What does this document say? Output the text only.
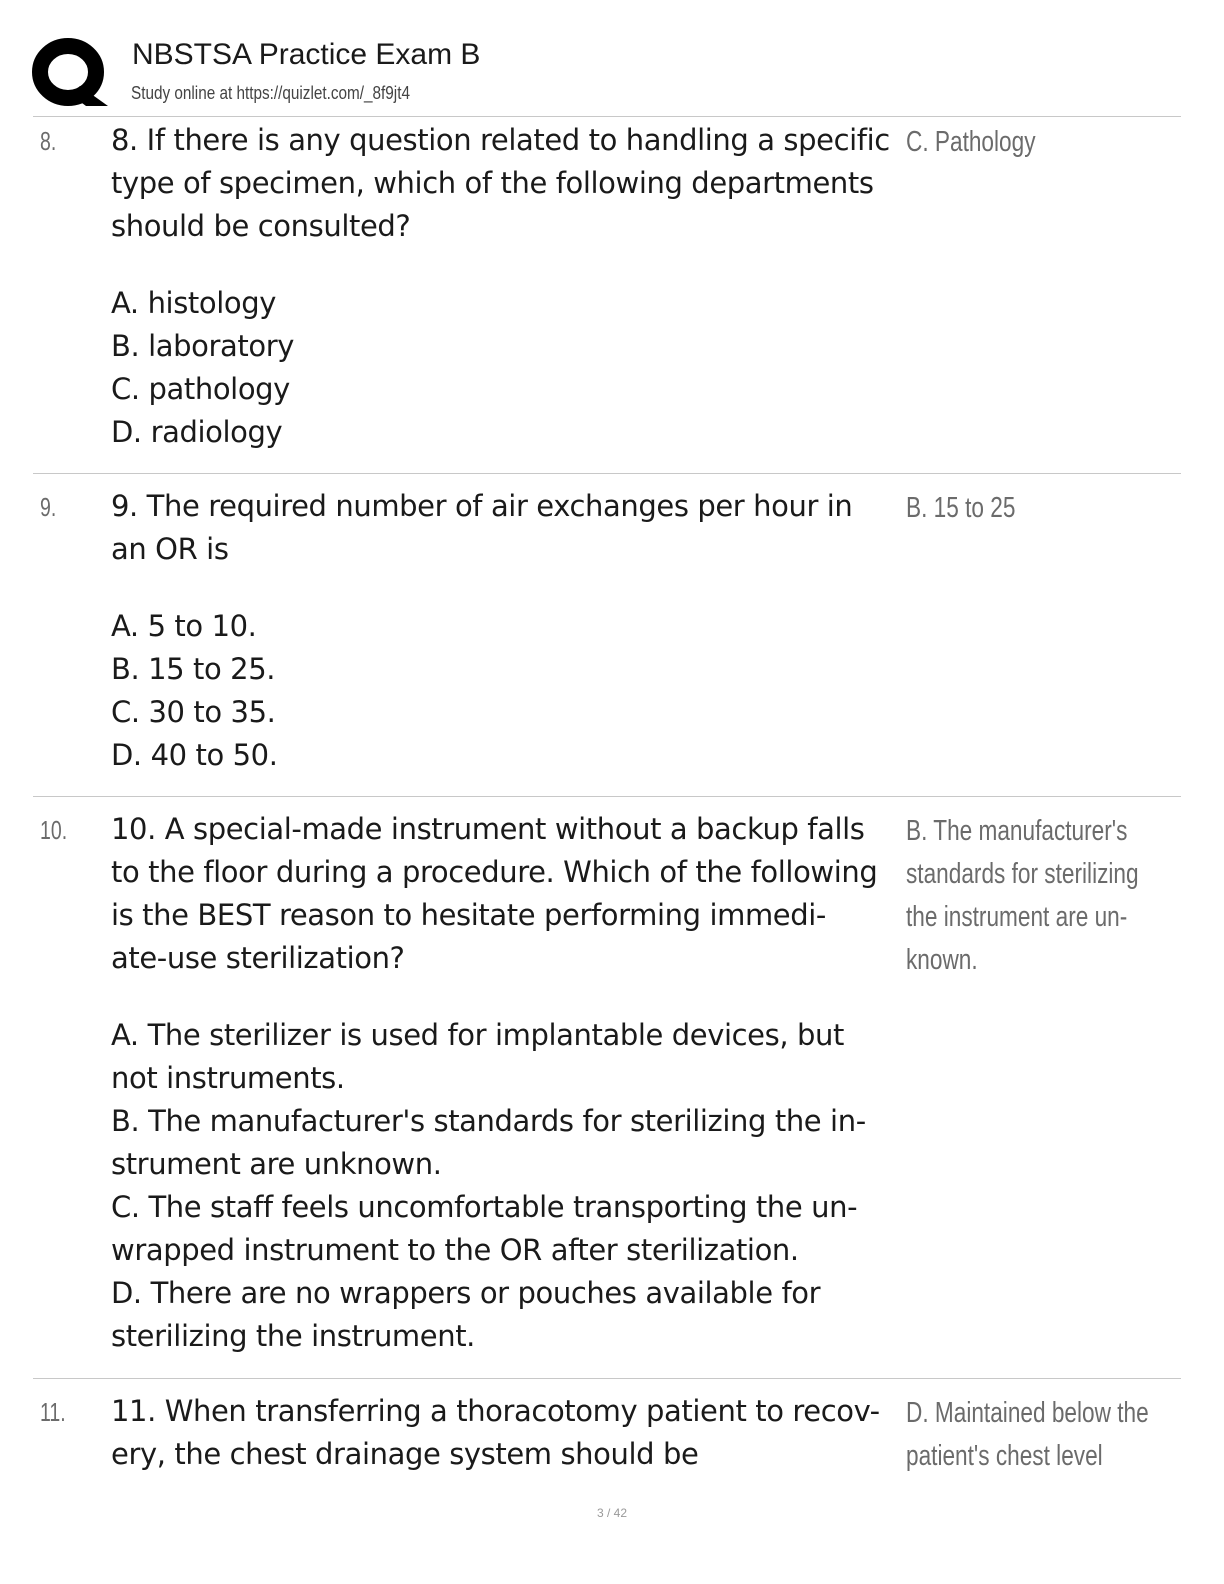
NBSTSA Practice Exam B
Study online at https://quizlet.com/_8f9jt4
8. 8. If there is any question related to handling a specific
type of specimen, which of the following departments
should be consulted?
A. histology
B. laboratory
C. pathology
D. radiology
C. Pathology
9. 9. The required number of air exchanges per hour in
an OR is
A. 5 to 10.
B. 15 to 25.
C. 30 to 35.
D. 40 to 50.
B. 15 to 25
10. 10. A special-made instrument without a backup falls
to the floor during a procedure. Which of the following
is the BEST reason to hesitate performing immedi-
ate-use sterilization?
A. The sterilizer is used for implantable devices, but
not instruments.
B. The manufacturer's standards for sterilizing the in-
strument are unknown.
C. The staff feels uncomfortable transporting the un-
wrapped instrument to the OR after sterilization.
D. There are no wrappers or pouches available for
sterilizing the instrument.
B. The manufacturer's
standards for sterilizing
the instrument are un-
known.
11. 11. When transferring a thoracotomy patient to recov-
ery, the chest drainage system should be
D. Maintained below the
patient's chest level
3 / 42
